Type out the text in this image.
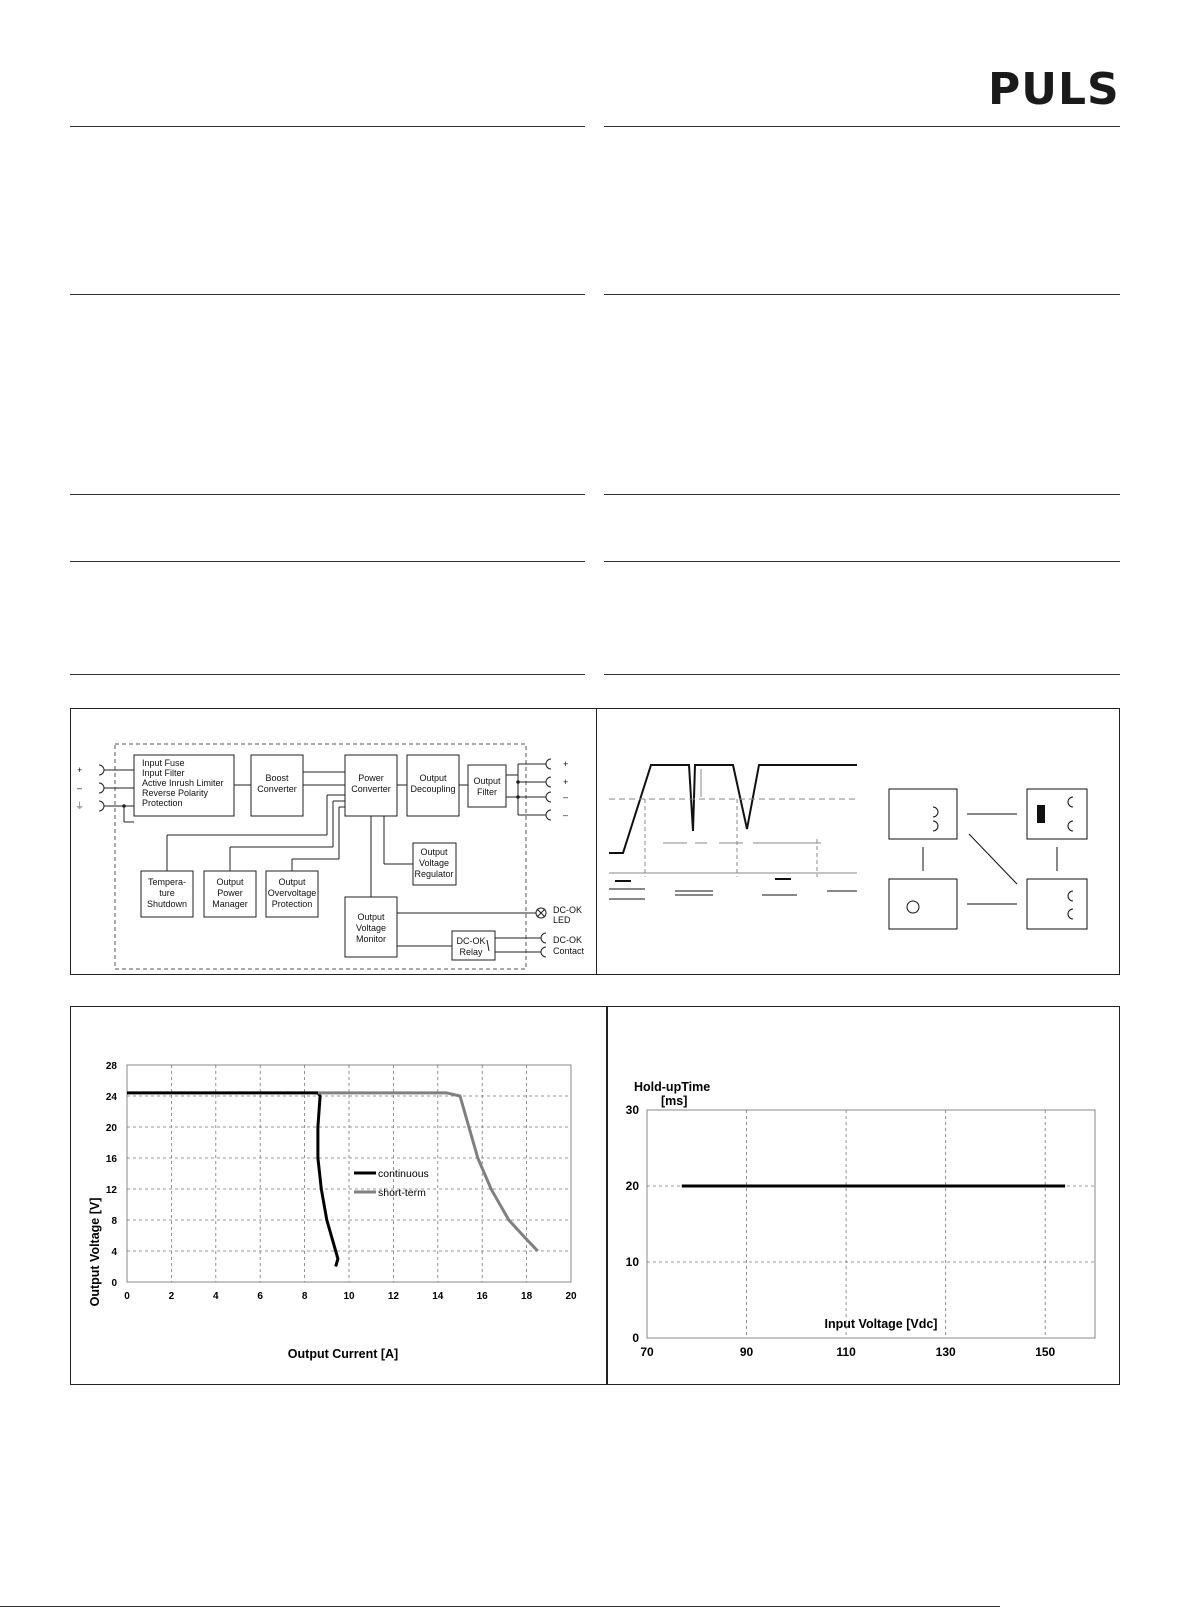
PULS
+
–
⏚
+
+
–
–
Input Fuse
Input Filter
Active Inrush Limiter
Reverse Polarity
Protection
Boost
Converter
Power
Converter
Output
Decoupling
Output
Filter
Output
Voltage
Regulator
Tempera-
ture
Shutdown
Output
Power
Manager
Output
Overvoltage
Protection
Output
Voltage
Monitor	DC-OK
Relay
DC-OK
LED
DC-OK
Contact
Output Voltage [V]
Output Current [A]
0	2	4	6	8	10	12	14	16	18	20
0
4
8
12
16
20
24
28
continuous
short-term
Hold-upTime
[ms]
Input Voltage [Vdc]
70	90	110	130	150
0
10
20
30
